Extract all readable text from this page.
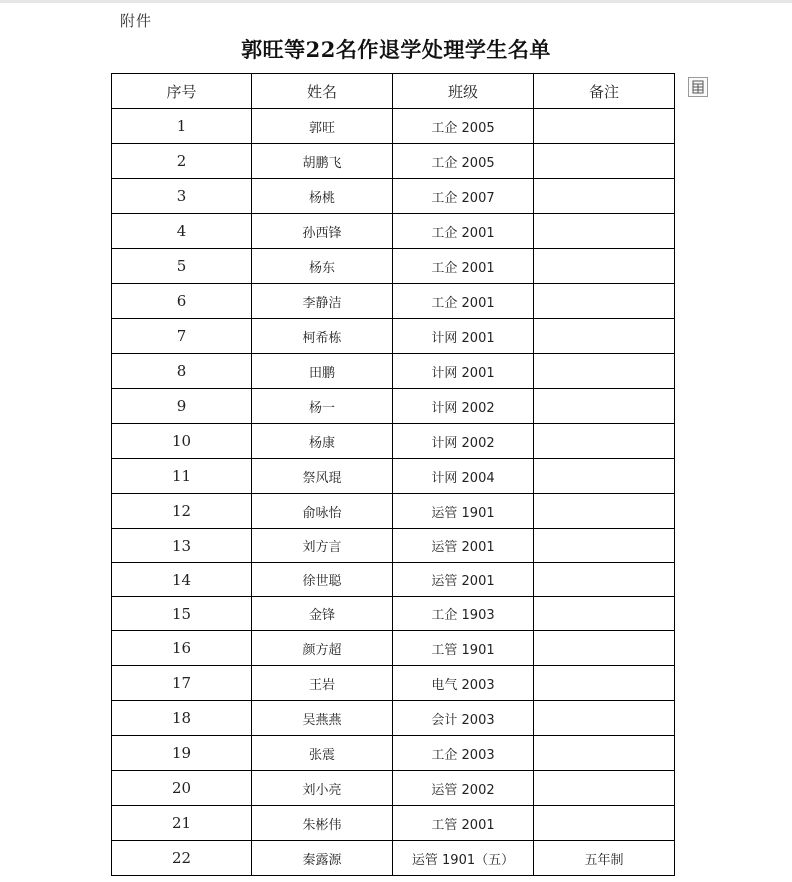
附件
郭旺等22名作退学处理学生名单
序号	姓名	班级	备注
1	郭旺	工企 2005	
2	胡鹏飞	工企 2005	
3	杨桃	工企 2007	
4	孙西锋	工企 2001	
5	杨东	工企 2001	
6	李静洁	工企 2001	
7	柯希栋	计网 2001	
8	田鹏	计网 2001	
9	杨一	计网 2002	
10	杨康	计网 2002	
11	祭风琨	计网 2004	
12	俞咏怡	运管 1901	
13	刘方言	运管 2001	
14	徐世聪	运管 2001	
15	金锋	工企 1903	
16	颜方超	工管 1901	
17	王岩	电气 2003	
18	吴燕燕	会计 2003	
19	张震	工企 2003	
20	刘小亮	运管 2002	
21	朱彬伟	工管 2001	
22	秦露源	运管 1901（五）	五年制
